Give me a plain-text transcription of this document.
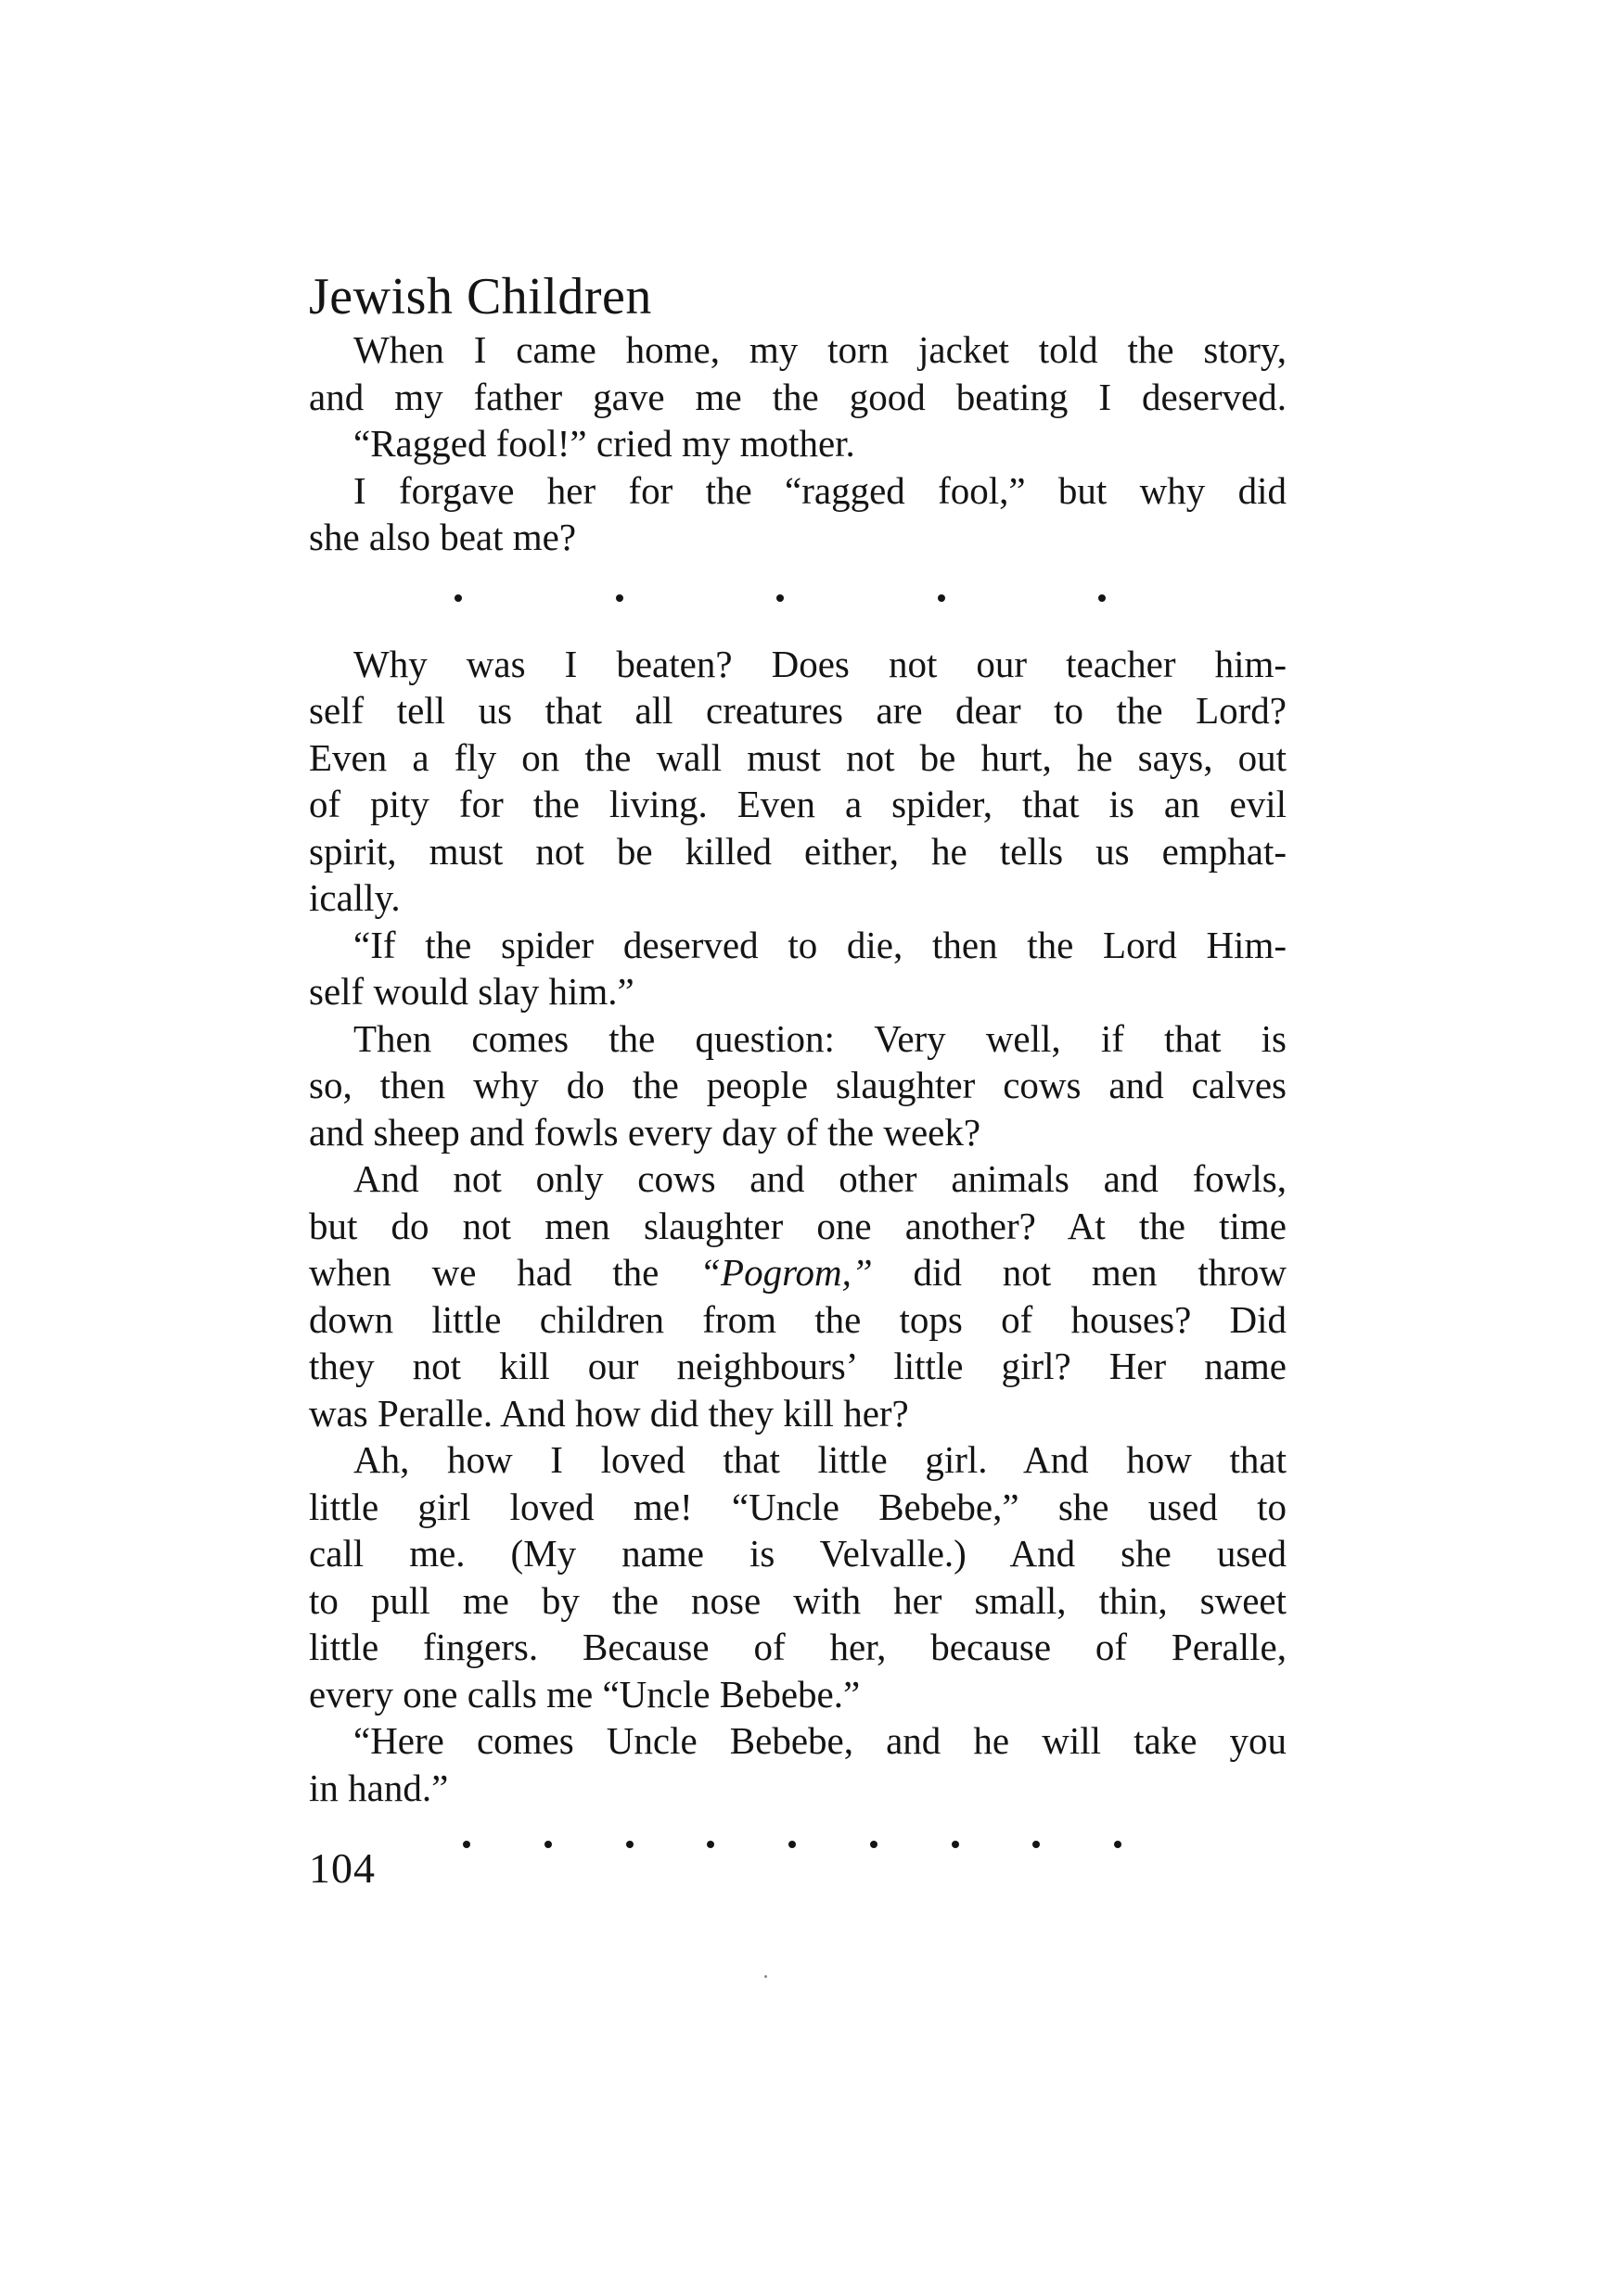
Jewish Children
When I came home, my torn jacket told the story,
and my father gave me the good beating I deserved.
“Ragged fool!” cried my mother.
I forgave her for the “ragged fool,” but why did
she also beat me?
Why was I beaten? Does not our teacher him-
self tell us that all creatures are dear to the Lord?
Even a fly on the wall must not be hurt, he says, out
of pity for the living. Even a spider, that is an evil
spirit, must not be killed either, he tells us emphat-
ically.
“If the spider deserved to die, then the Lord Him-
self would slay him.”
Then comes the question: Very well, if that is
so, then why do the people slaughter cows and calves
and sheep and fowls every day of the week?
And not only cows and other animals and fowls,
but do not men slaughter one another? At the time
when we had the “Pogrom,” did not men throw
down little children from the tops of houses? Did
they not kill our neighbours’ little girl? Her name
was Peralle. And how did they kill her?
Ah, how I loved that little girl. And how that
little girl loved me! “Uncle Bebebe,” she used to
call me. (My name is Velvalle.) And she used
to pull me by the nose with her small, thin, sweet
little fingers. Because of her, because of Peralle,
every one calls me “Uncle Bebebe.”
“Here comes Uncle Bebebe, and he will take you
in hand.”
104
